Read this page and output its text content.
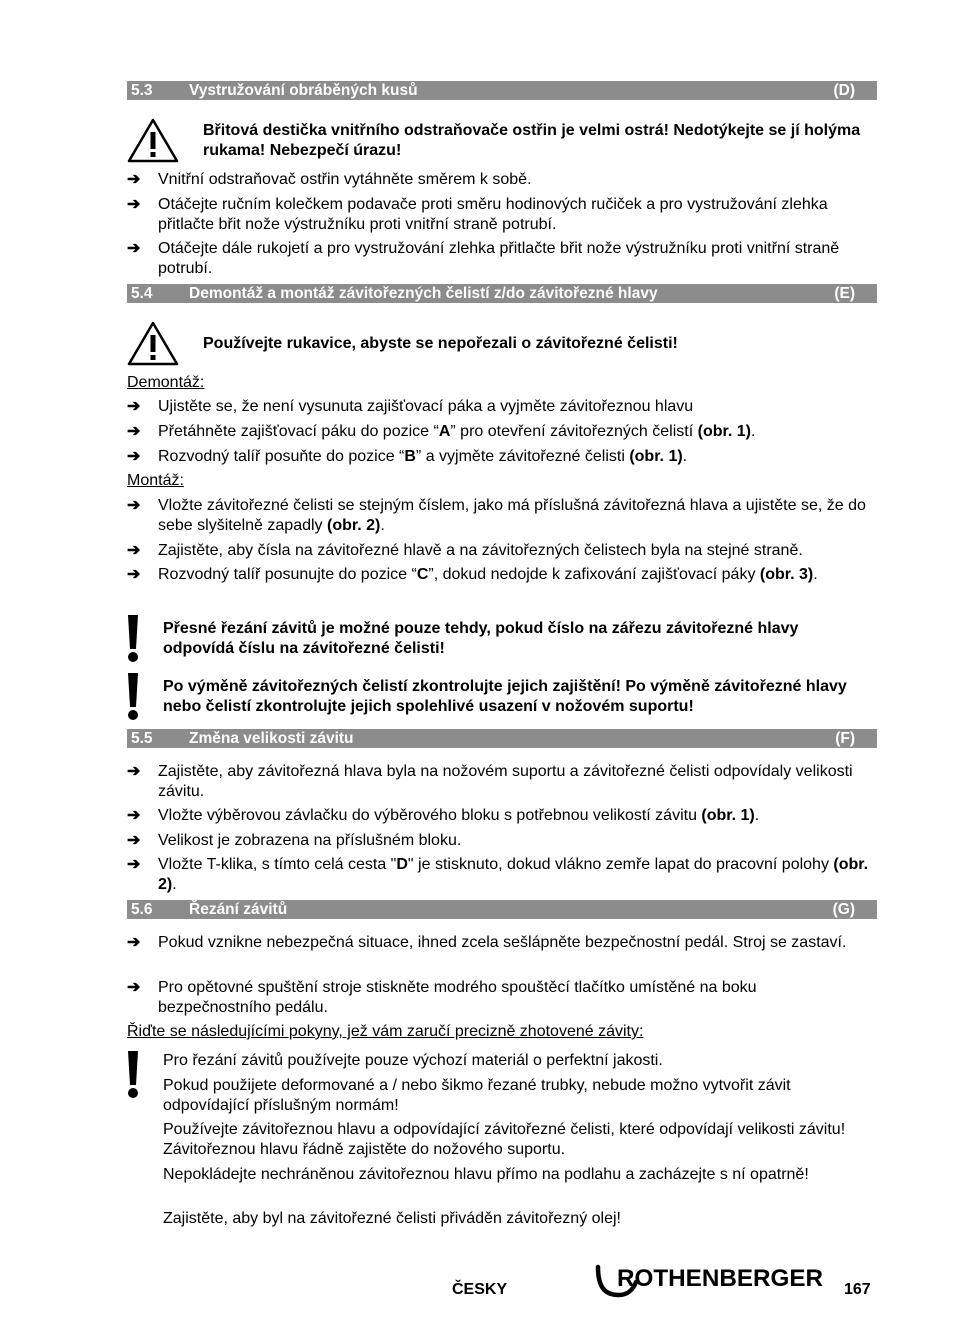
5.3 Vystružování obráběných kusů	(D)
Břitová destička vnitřního odstraňovače ostřin je velmi ostrá! Nedotýkejte se jí holýma rukama! Nebezpečí úrazu!
➔	Vnitřní odstraňovač ostřin vytáhněte směrem k sobě.
➔	Otáčejte ručním kolečkem podavače proti směru hodinových ručiček a pro vystružování zlehka přitlačte břit nože výstružníku proti vnitřní straně potrubí.
➔	Otáčejte dále rukojetí a pro vystružování zlehka přitlačte břit nože výstružníku proti vnitřní straně potrubí.
5.4 Demontáž a montáž závitořezných čelistí z/do závitořezné hlavy	(E)
Používejte rukavice, abyste se nepořezali o závitořezné čelisti!
Demontáž:
➔	Ujistěte se, že není vysunuta zajišťovací páka a vyjměte závitořeznou hlavu
➔	Přetáhněte zajišťovací páku do pozice “A” pro otevření závitořezných čelistí (obr. 1).
➔	Rozvodný talíř posuňte do pozice “B” a vyjměte závitořezné čelisti (obr. 1).
Montáž:
➔	Vložte závitořezné čelisti se stejným číslem, jako má příslušná závitořezná hlava a ujistěte se, že do sebe slyšitelně zapadly (obr. 2).
➔	Zajistěte, aby čísla na závitořezné hlavě a na závitořezných čelistech byla na stejné straně.
➔	Rozvodný talíř posunujte do pozice “C”, dokud nedojde k zafixování zajišťovací páky (obr. 3).
Přesné řezání závitů je možné pouze tehdy, pokud číslo na zářezu závitořezné hlavy odpovídá číslu na závitořezné čelisti!
Po výměně závitořezných čelistí zkontrolujte jejich zajištění! Po výměně závitořezné hlavy nebo čelistí zkontrolujte jejich spolehlivé usazení v nožovém suportu!
5.5 Změna velikosti závitu	(F)
➔	Zajistěte, aby závitořezná hlava byla na nožovém suportu a závitořezné čelisti odpovídaly velikosti závitu.
➔	Vložte výběrovou závlačku do výběrového bloku s potřebnou velikostí závitu (obr. 1).
➔	Velikost je zobrazena na příslušném bloku.
➔	Vložte T-klika, s tímto celá cesta "D" je stisknuto, dokud vlákno zemře lapat do pracovní polohy (obr. 2).
5.6 Řezání závitů	(G)
➔	Pokud vznikne nebezpečná situace, ihned zcela sešlápněte bezpečnostní pedál. Stroj se zastaví.
➔	Pro opětovné spuštění stroje stiskněte modrého spouštěcí tlačítko umístěné na boku bezpečnostního pedálu.
Řiďte se následujícími pokyny, jež vám zaručí precizně zhotovené závity:
Pro řezání závitů používejte pouze výchozí materiál o perfektní jakosti.
Pokud použijete deformované a / nebo šikmo řezané trubky, nebude možno vytvořit závit odpovídající příslušným normám!
Používejte závitořeznou hlavu a odpovídající závitořezné čelisti, které odpovídají velikosti závitu! Závitořeznou hlavu řádně zajistěte do nožového suportu.
Nepokládejte nechráněnou závitořeznou hlavu přímo na podlahu a zacházejte s ní opatrně!
Zajistěte, aby byl na závitořezné čelisti přiváděn závitořezný olej!
ČESKY	ROTHENBERGER 167
